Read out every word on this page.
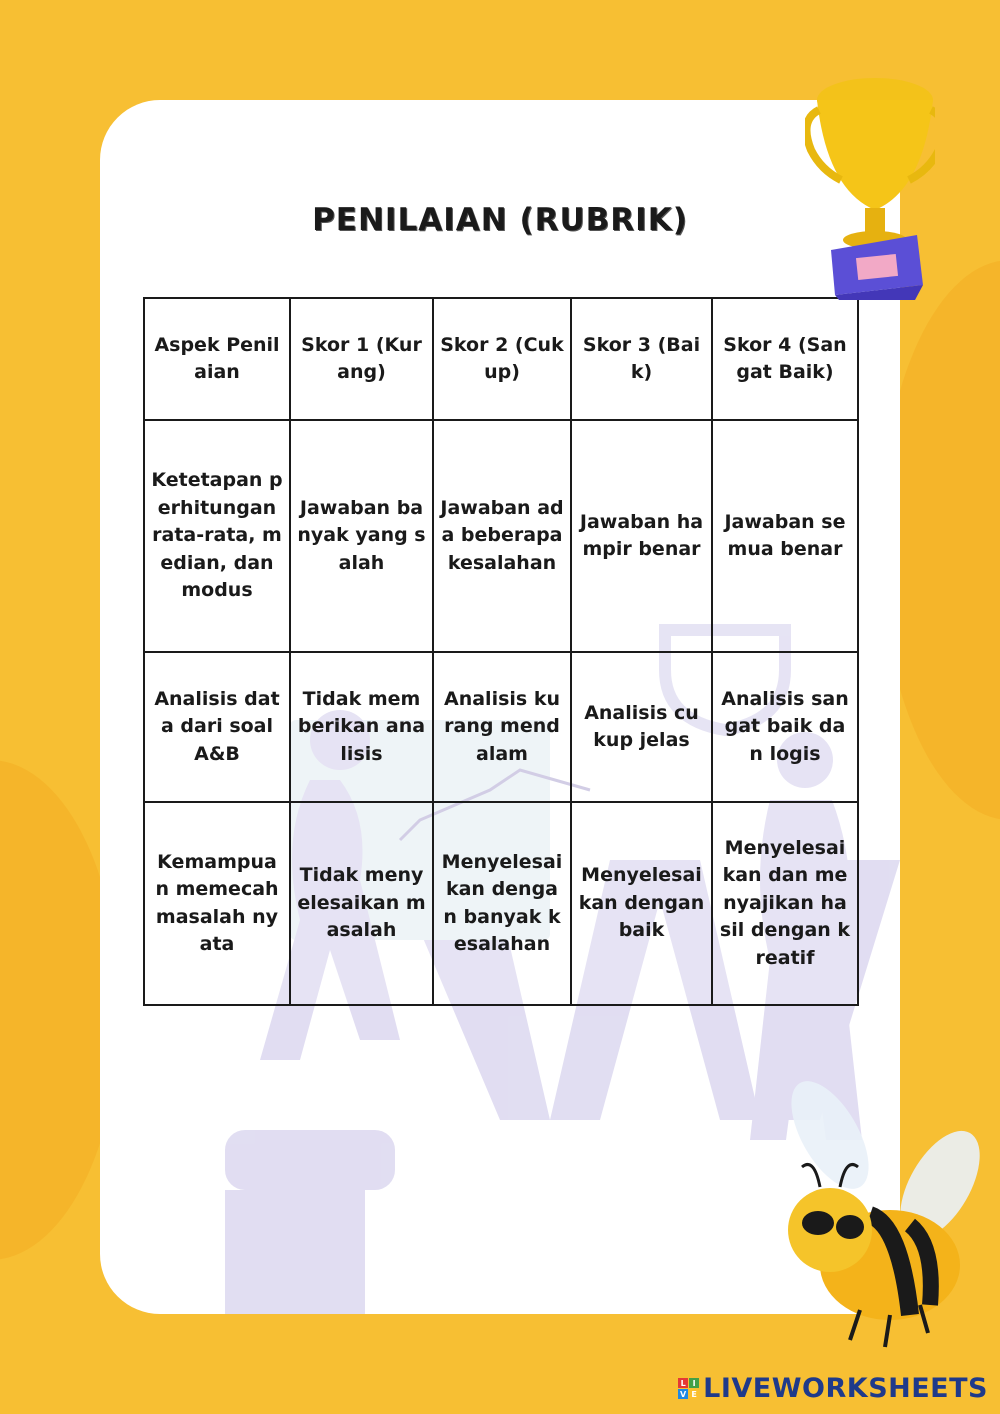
PENILAIAN (RUBRIK)
Aspek Penilaian	Skor 1 (Kurang)	Skor 2 (Cukup)	Skor 3 (Baik)	Skor 4 (Sangat Baik)
Ketetapan perhitungan rata-rata, median, dan modus	Jawaban banyak yang salah	Jawaban ada beberapa kesalahan	Jawaban hampir benar	Jawaban semua benar
Analisis data dari soal A&B	Tidak memberikan analisis	Analisis kurang mendalam	Analisis cukup jelas	Analisis sangat baik dan logis
Kemampuan memecah masalah nyata	Tidak menyelesaikan masalah	Menyelesaikan dengan banyak kesalahan	Menyelesaikan dengan baik	Menyelesaikan dan menyajikan hasil dengan kreatif
L I
V E LIVEWORKSHEETS
